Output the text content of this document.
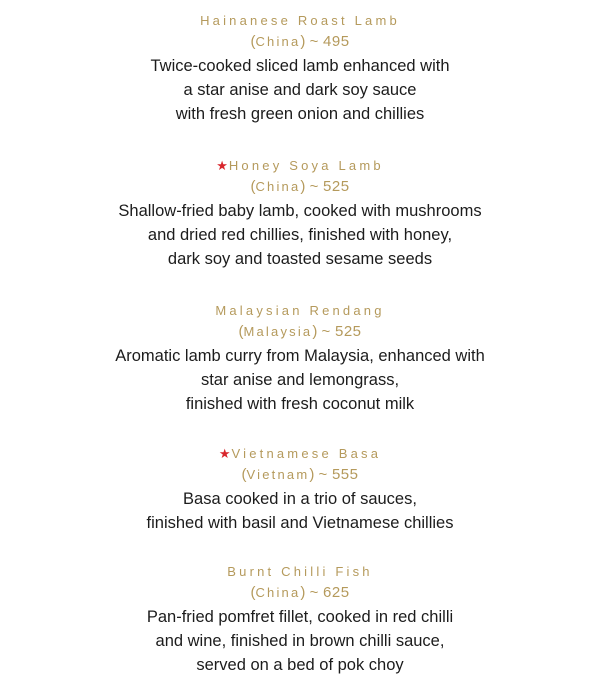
Hainanese Roast Lamb
(China) ~ 495
Twice-cooked sliced lamb enhanced with
a star anise and dark soy sauce
with fresh green onion and chillies
★Honey Soya Lamb
(China) ~ 525
Shallow-fried baby lamb, cooked with mushrooms
and dried red chillies, finished with honey,
dark soy and toasted sesame seeds
Malaysian Rendang
(Malaysia) ~ 525
Aromatic lamb curry from Malaysia, enhanced with
star anise and lemongrass,
finished with fresh coconut milk
★Vietnamese Basa
(Vietnam) ~ 555
Basa cooked in a trio of sauces,
finished with basil and Vietnamese chillies
Burnt Chilli Fish
(China) ~ 625
Pan-fried pomfret fillet, cooked in red chilli
and wine, finished in brown chilli sauce,
served on a bed of pok choy
